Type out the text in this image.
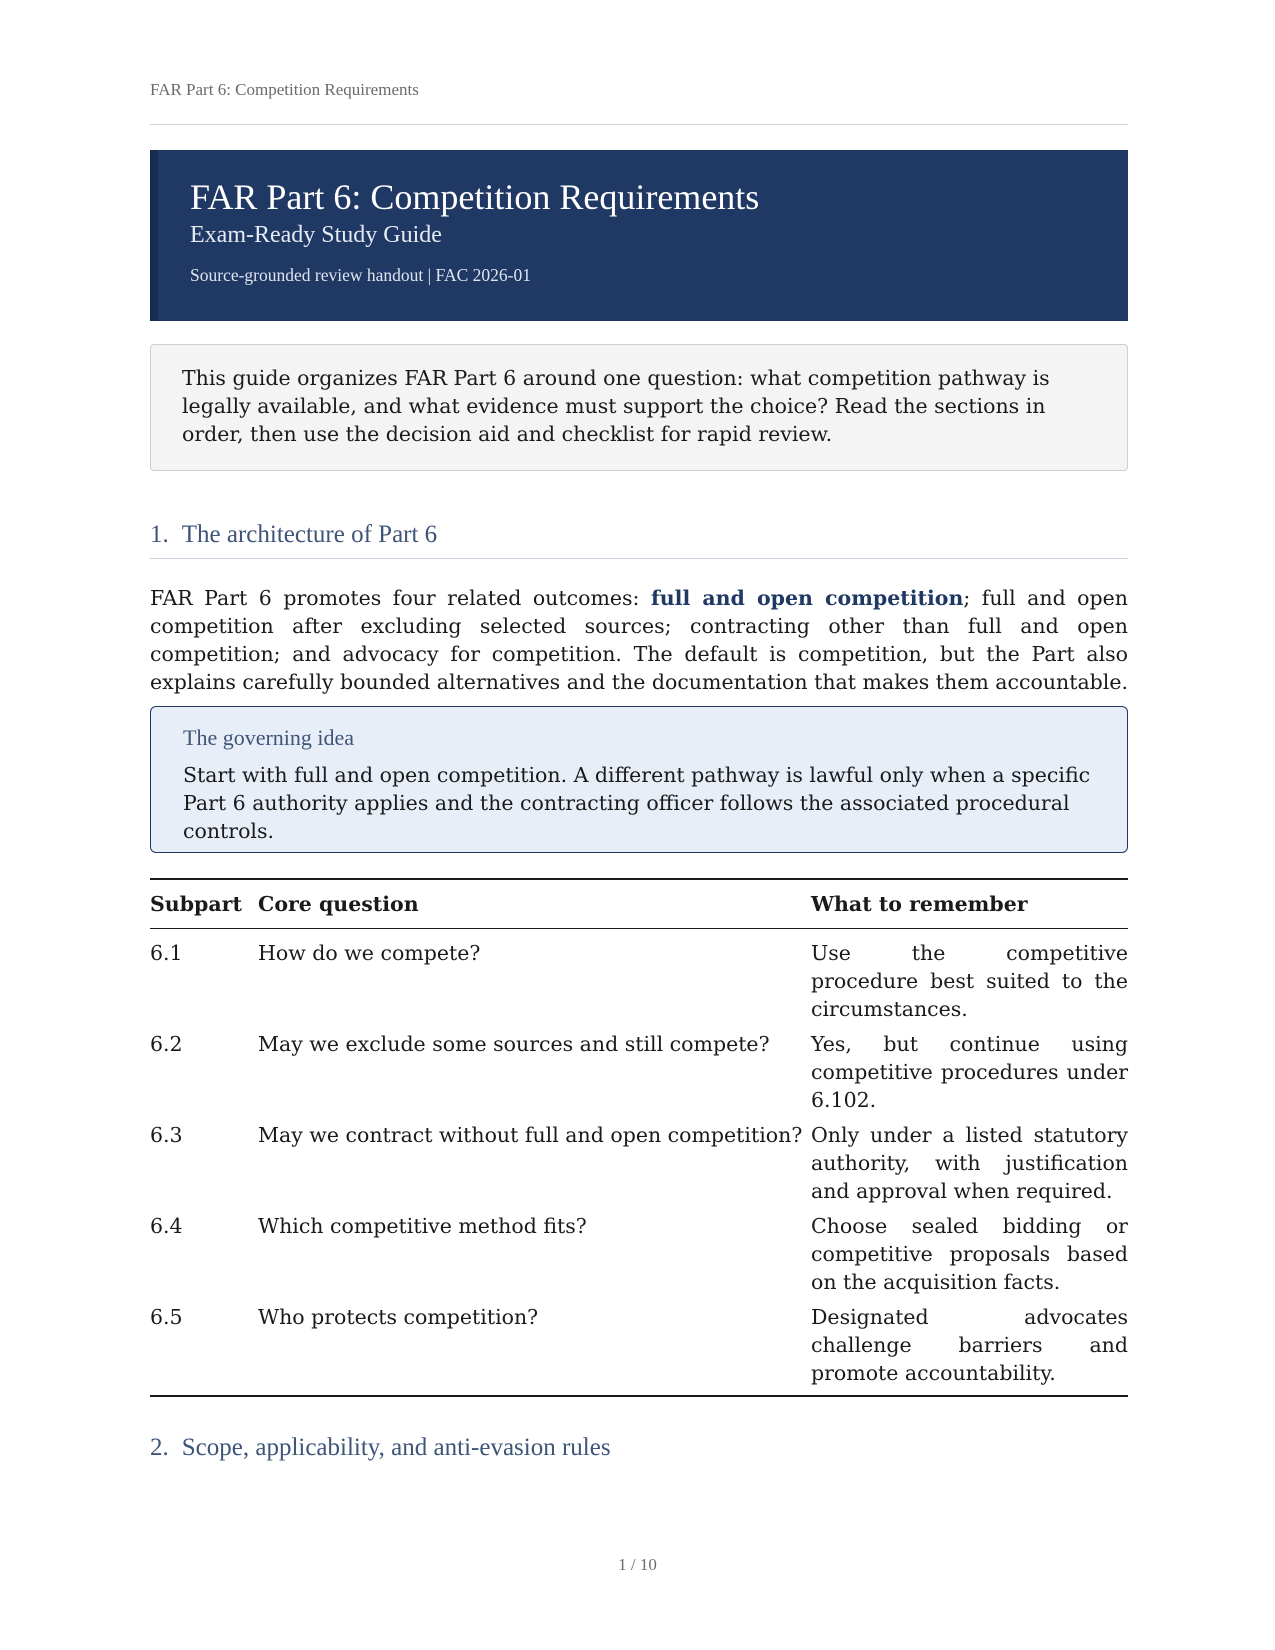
FAR Part 6: Competition Requirements
FAR Part 6: Competition Requirements
Exam-Ready Study Guide
Source-grounded review handout | FAC 2026-01

This guide organizes FAR Part 6 around one question: what competition pathway is legally available, and what evidence must support the choice? Read the sections in order, then use the decision aid and checklist for rapid review.

1. The architecture of Part 6

FAR Part 6 promotes four related outcomes: full and open competition; full and open competition after excluding selected sources; contracting other than full and open competition; and advocacy for competition. The default is competition, but the Part also explains carefully bounded alternatives and the documentation that makes them accountable.

The governing idea

Start with full and open competition. A different pathway is lawful only when a specific Part 6 authority applies and the contracting officer follows the associated procedural controls.

Subpart	Core question	What to remember
6.1	How do we compete?	Use the competitive procedure best suited to the circumstances.
6.2	May we exclude some sources and still compete?	Yes, but continue using competitive procedures under 6.102.
6.3	May we contract without full and open competition?	Only under a listed statutory authority, with justification and approval when required.
6.4	Which competitive method fits?	Choose sealed bidding or competitive proposals based on the acquisition facts.
6.5	Who protects competition?	Designated advocates challenge barriers and promote accountability.
2. Scope, applicability, and anti-evasion rules
1 / 10
